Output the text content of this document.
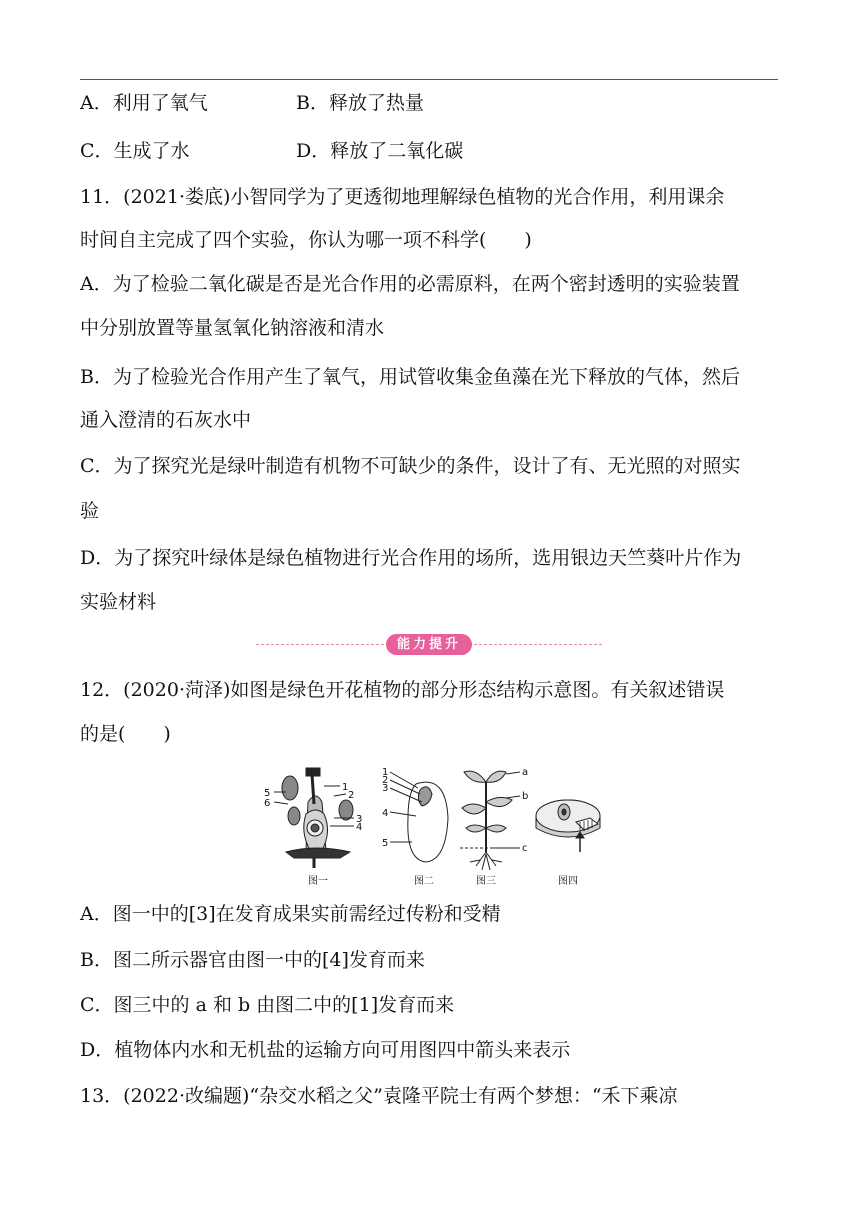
A．利用了氧气	B．释放了热量
C．生成了水	D．释放了二氧化碳
11．(2021·娄底)小智同学为了更透彻地理解绿色植物的光合作用，利用课余
时间自主完成了四个实验，你认为哪一项不科学(　　)
A．为了检验二氧化碳是否是光合作用的必需原料，在两个密封透明的实验装置
中分别放置等量氢氧化钠溶液和清水
B．为了检验光合作用产生了氧气，用试管收集金鱼藻在光下释放的气体，然后
通入澄清的石灰水中
C．为了探究光是绿叶制造有机物不可缺少的条件，设计了有、无光照的对照实
验
D．为了探究叶绿体是绿色植物进行光合作用的场所，选用银边天竺葵叶片作为
实验材料
能力提升
12．(2020·菏泽)如图是绿色开花植物的部分形态结构示意图。有关叙述错误
的是(　　)
1
2
3
4
5
6
1
2
3
4
5
a
b
c
图一	图二	图三	图四
A．图一中的[3]在发育成果实前需经过传粉和受精
B．图二所示器官由图一中的[4]发育而来
C．图三中的 a 和 b 由图二中的[1]发育而来
D．植物体内水和无机盐的运输方向可用图四中箭头来表示
13．(2022·改编题)“杂交水稻之父”袁隆平院士有两个梦想：“禾下乘凉
